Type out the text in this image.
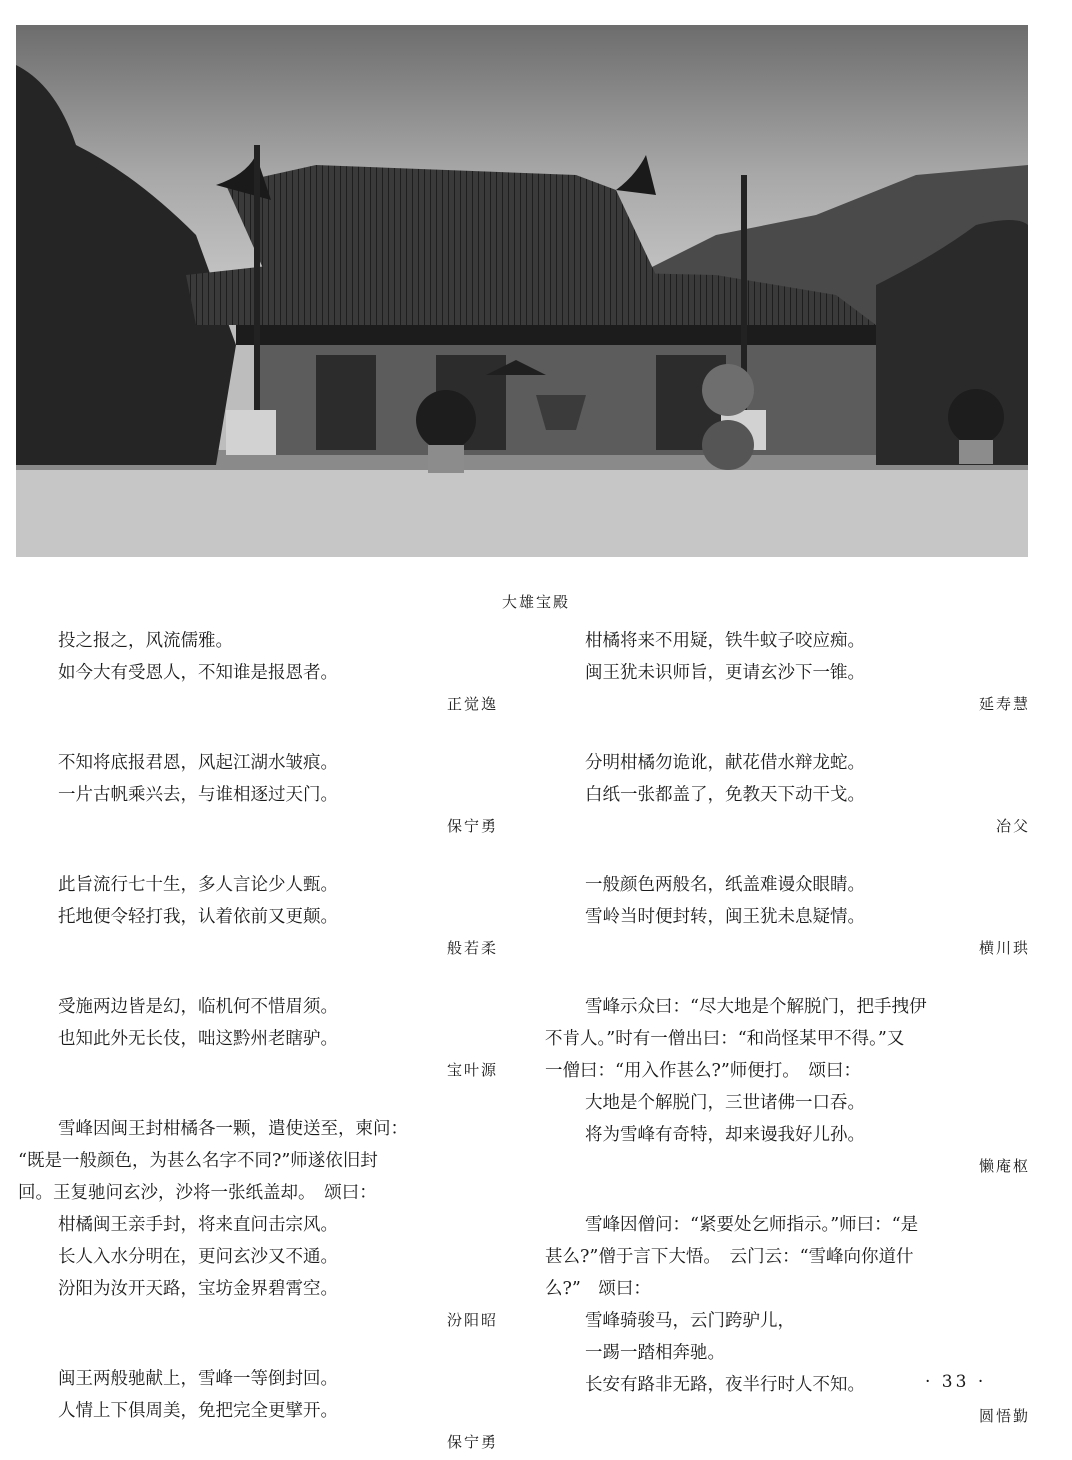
大雄宝殿
投之报之，风流儒雅。
如今大有受恩人，不知谁是报恩者。
正觉逸
不知将底报君恩，风起江湖水皱痕。
一片古帆乘兴去，与谁相逐过天门。
保宁勇
此旨流行七十生，多人言论少人甄。
托地便令轻打我，认着依前又更颠。
般若柔
受施两边皆是幻，临机何不惜眉须。
也知此外无长伎，咄这黔州老瞎驴。
宝叶源
雪峰因闽王封柑橘各一颗，遣使送至，柬问：
“既是一般颜色，为甚么名字不同?”师遂依旧封
回。王复驰问玄沙，沙将一张纸盖却。　颂曰：
柑橘闽王亲手封，将来直问击宗风。
长人入水分明在，更问玄沙又不通。
汾阳为汝开天路，宝坊金界碧霄空。
汾阳昭
闽王两般驰献上，雪峰一等倒封回。
人情上下俱周美，免把完全更擘开。
保宁勇
柑橘将来不用疑，铁牛蚊子咬应痴。
闽王犹未识师旨，更请玄沙下一锥。
延寿慧
分明柑橘勿诡讹，献花借水辩龙蛇。
白纸一张都盖了，免教天下动干戈。
冶父
一般颜色两般名，纸盖难谩众眼睛。
雪岭当时便封转，闽王犹未息疑情。
横川珙
雪峰示众曰：“尽大地是个解脱门，把手拽伊
不肯人。”时有一僧出曰：“和尚怪某甲不得。”又
一僧曰：“用入作甚么?”师便打。　颂曰：
大地是个解脱门，三世诸佛一口吞。
将为雪峰有奇特，却来谩我好儿孙。
懒庵枢
雪峰因僧问：“紧要处乞师指示。”师曰：“是
甚么?”僧于言下大悟。　云门云：“雪峰向你道什
么?”　颂曰：
雪峰骑骏马，云门跨驴儿，
一踢一踏相奔驰。
长安有路非无路，夜半行时人不知。
圆悟勤
· 33 ·
